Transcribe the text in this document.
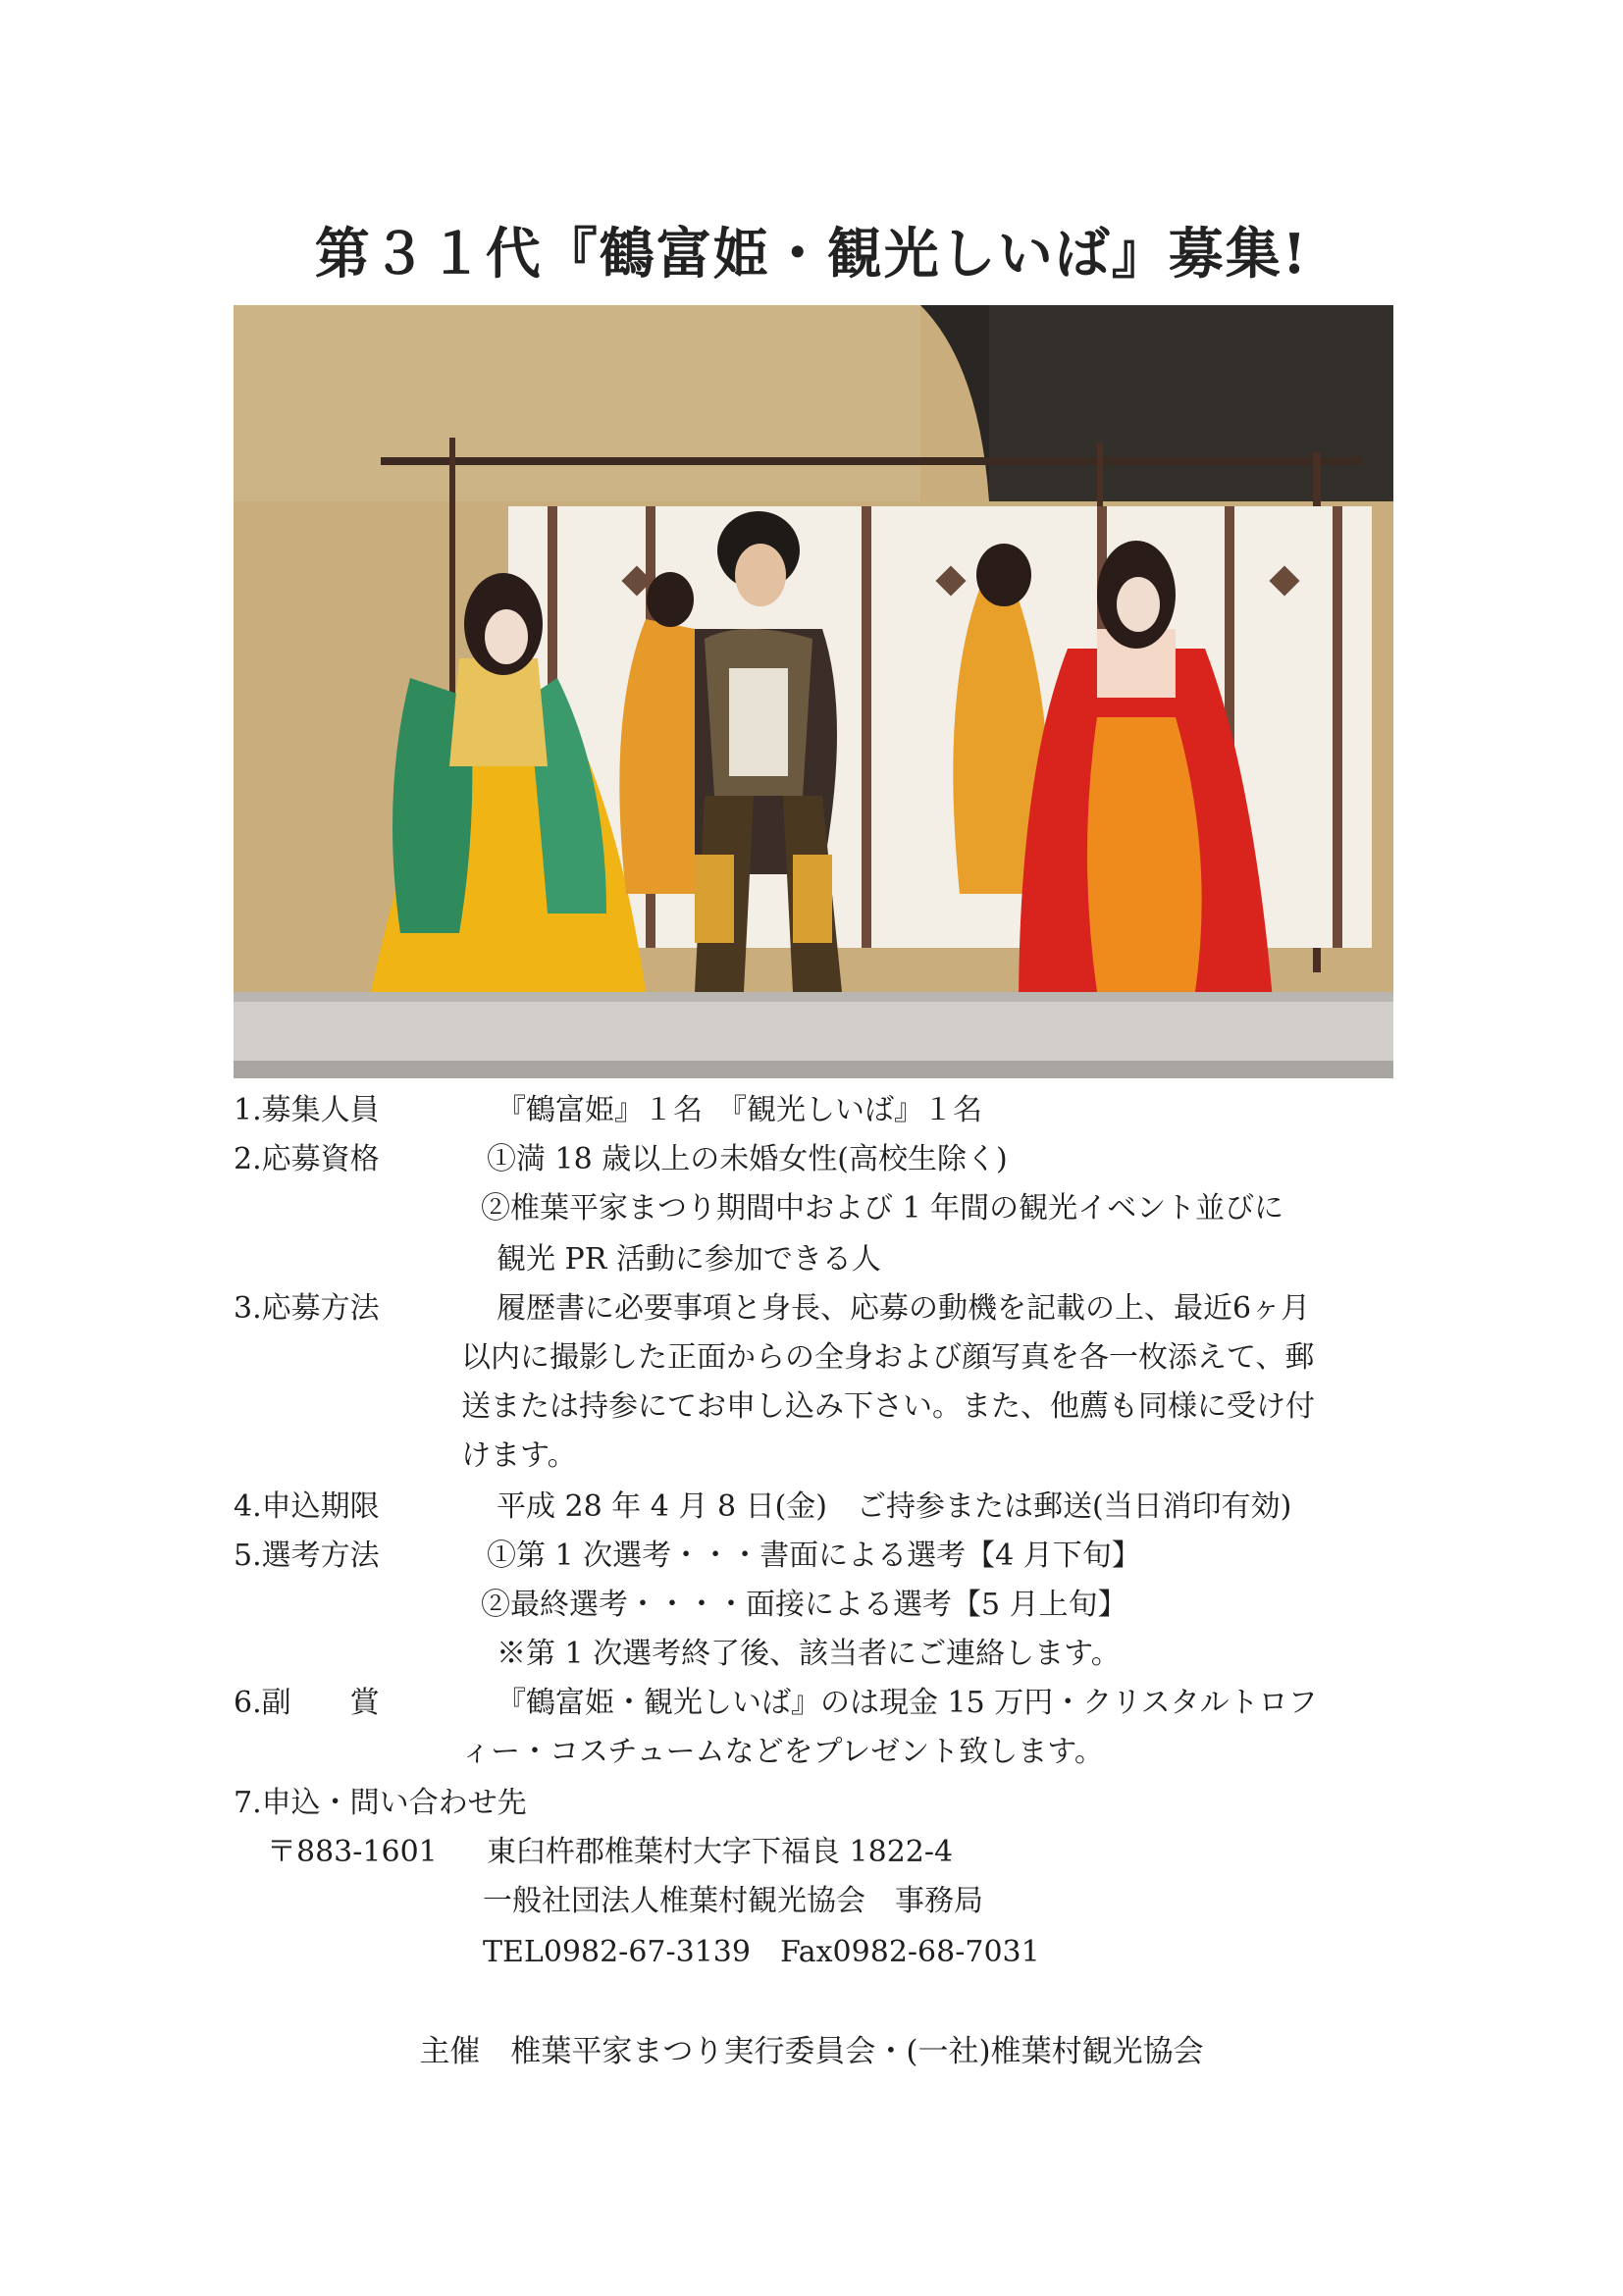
第３１代『鶴富姫・観光しいば』募集!
1.募集人員	『鶴富姫』１名　『観光しいば』１名
2.応募資格	①満 18 歳以上の未婚女性(高校生除く)
②椎葉平家まつり期間中および 1 年間の観光イベント並びに
観光 PR 活動に参加できる人
3.応募方法	履歴書に必要事項と身長、応募の動機を記載の上、最近6ヶ月
以内に撮影した正面からの全身および顔写真を各一枚添えて、郵
送または持参にてお申し込み下さい。また、他薦も同様に受け付
けます。
4.申込期限	平成 28 年 4 月 8 日(金)　ご持参または郵送(当日消印有効)
5.選考方法	①第 1 次選考・・・書面による選考【4 月下旬】
②最終選考・・・・面接による選考【5 月上旬】
※第 1 次選考終了後、該当者にご連絡します。
6.副　　賞	『鶴富姫・観光しいば』のは現金 15 万円・クリスタルトロフ
ィー・コスチュームなどをプレゼント致します。
7.申込・問い合わせ先
〒883-1601 東臼杵郡椎葉村大字下福良 1822-4
一般社団法人椎葉村観光協会　事務局
TEL0982-67-3139　Fax0982-68-7031
主催　椎葉平家まつり実行委員会・(一社)椎葉村観光協会
